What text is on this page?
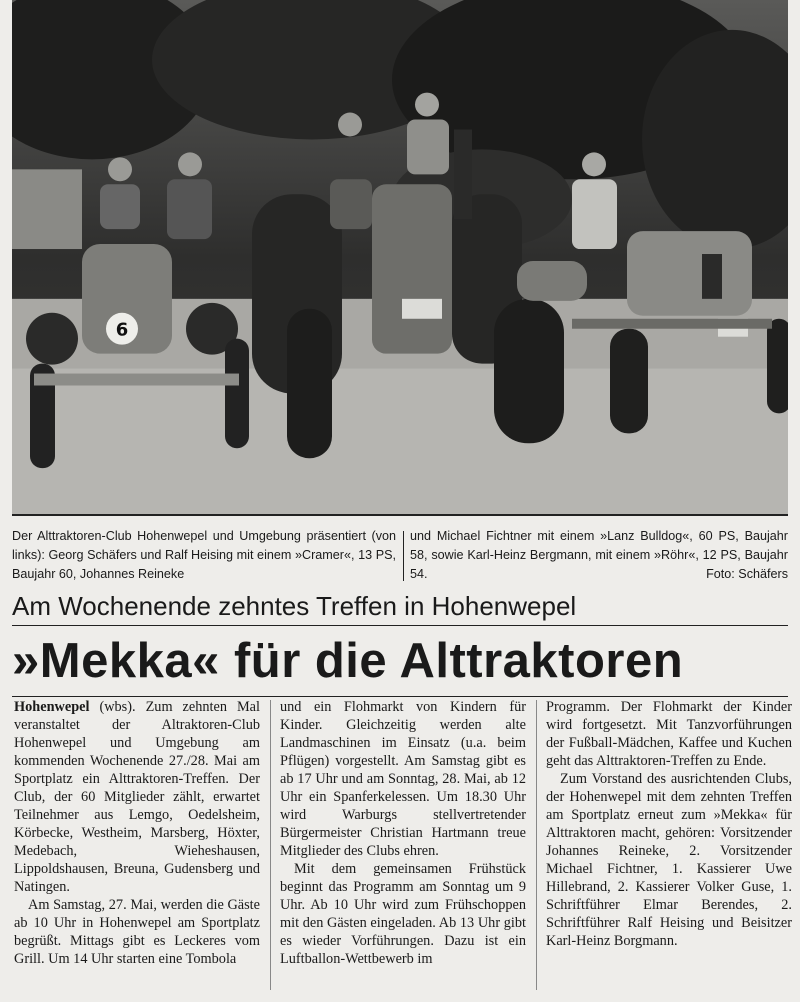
6
Der Alttraktoren-Club Hohenwepel und Umgebung präsentiert (von links): Georg Schäfers und Ralf Heising mit einem »Cramer«, 13 PS, Baujahr 60, Johannes Reineke
und Michael Fichtner mit einem »Lanz Bulldog«, 60 PS, Baujahr 58, sowie Karl-Heinz Bergmann, mit einem »Röhr«, 12 PS, Baujahr 54.	Foto: Schäfers
Am Wochenende zehntes Treffen in Hohenwepel
»Mekka« für die Alttraktoren

Hohenwepel (wbs). Zum zehnten Mal veranstaltet der Altraktoren-Club Hohenwepel und Umgebung am kommenden Wochenende 27./28. Mai am Sportplatz ein Alttraktoren-Treffen. Der Club, der 60 Mitglieder zählt, erwartet Teilnehmer aus Lemgo, Oedelsheim, Körbecke, Westheim, Marsberg, Höxter, Medebach, Wieheshausen, Lippoldshausen, Breuna, Gudensberg und Natingen.

Am Samstag, 27. Mai, werden die Gäste ab 10 Uhr in Hohenwepel am Sportplatz begrüßt. Mittags gibt es Leckeres vom Grill. Um 14 Uhr starten eine Tombola

und ein Flohmarkt von Kindern für Kinder. Gleichzeitig werden alte Landmaschinen im Einsatz (u.a. beim Pflügen) vorgestellt. Am Samstag gibt es ab 17 Uhr und am Sonntag, 28. Mai, ab 12 Uhr ein Spanferkelessen. Um 18.30 Uhr wird Warburgs stellvertretender Bürgermeister Christian Hartmann treue Mitglieder des Clubs ehren.

Mit dem gemeinsamen Frühstück beginnt das Programm am Sonntag um 9 Uhr. Ab 10 Uhr wird zum Frühschoppen mit den Gästen eingeladen. Ab 13 Uhr gibt es wieder Vorführungen. Dazu ist ein Luftballon-Wettbewerb im

Programm. Der Flohmarkt der Kinder wird fortgesetzt. Mit Tanzvorführungen der Fußball-Mädchen, Kaffee und Kuchen geht das Alttraktoren-Treffen zu Ende.

Zum Vorstand des ausrichtenden Clubs, der Hohenwepel mit dem zehnten Treffen am Sportplatz erneut zum »Mekka« für Alttraktoren macht, gehören: Vorsitzender Johannes Reineke, 2. Vorsitzender Michael Fichtner, 1. Kassierer Uwe Hillebrand, 2. Kassierer Volker Guse, 1. Schriftführer Elmar Berendes, 2. Schriftführer Ralf Heising und Beisitzer Karl-Heinz Borgmann.
